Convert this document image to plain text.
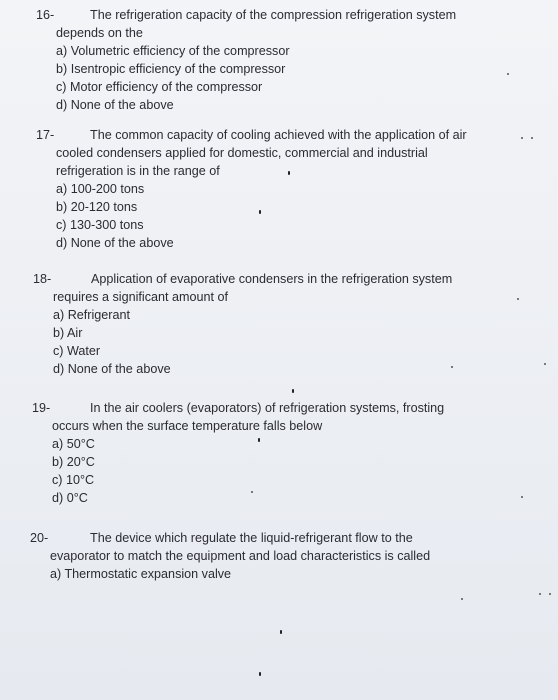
16-	The refrigeration capacity of the compression refrigeration system
depends on the
a) Volumetric efficiency of the compressor
b) Isentropic efficiency of the compressor
c) Motor efficiency of the compressor
d) None of the above
17-	The common capacity of cooling achieved with the application of air
cooled condensers applied for domestic, commercial and industrial
refrigeration is in the range of
a) 100-200 tons
b) 20-120 tons
c) 130-300 tons
d) None of the above
18-	Application of evaporative condensers in the refrigeration system
requires a significant amount of
a) Refrigerant
b) Air
c) Water
d) None of the above
19-	In the air coolers (evaporators) of refrigeration systems, frosting
occurs when the surface temperature falls below
a) 50°C
b) 20°C
c) 10°C
d) 0°C
20-	The device which regulate the liquid-refrigerant flow to the
evaporator to match the equipment and load characteristics is called
a) Thermostatic expansion valve
